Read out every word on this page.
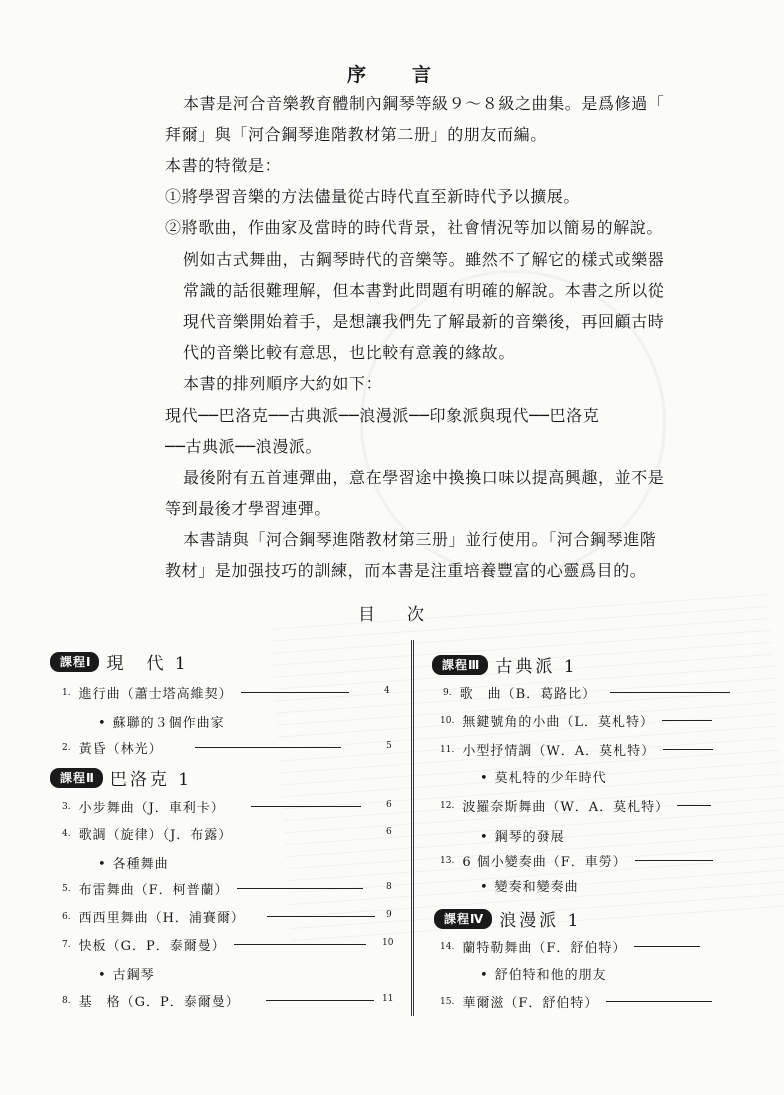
序言
本書是河合音樂教育體制內鋼琴等級９～８級之曲集。是爲修過「
拜爾」與「河合鋼琴進階教材第二册」的朋友而編。
本書的特徵是：
①將學習音樂的方法儘量從古時代直至新時代予以擴展。
②將歌曲，作曲家及當時的時代背景，社會情況等加以簡易的解說。
例如古式舞曲，古鋼琴時代的音樂等。雖然不了解它的樣式或樂器
常識的話很難理解，但本書對此問題有明確的解說。本書之所以從
現代音樂開始着手，是想讓我們先了解最新的音樂後，再回顧古時
代的音樂比較有意思，也比較有意義的緣故。
本書的排列順序大約如下：
現代──巴洛克──古典派──浪漫派──印象派與現代──巴洛克
──古典派──浪漫派。
最後附有五首連彈曲，意在學習途中換換口味以提高興趣，並不是
等到最後才學習連彈。
本書請與「河合鋼琴進階教材第三册」並行使用。「河合鋼琴進階
教材」是加强技巧的訓練，而本書是注重培養豐富的心靈爲目的。
目次
課程Ⅰ 現　代 1
1. 進行曲（蕭士塔高維契）	4
• 蘇聯的３個作曲家
2. 黃昏（林光）	5
課程Ⅱ 巴洛克 1
3. 小步舞曲（J．車利卡）	6
4. 歌調（旋律）（J．布露）	6
• 各種舞曲
5. 布雷舞曲（F．柯普蘭）	8
6. 西西里舞曲（H．浦賽爾）	9
7. 快板（G．P．泰爾曼）	10
• 古鋼琴
8. 基　格（G．P．泰爾曼）	11
課程Ⅲ 古典派 1
9. 歌　曲（B．葛路比）
10. 無鍵號角的小曲（L．莫札特）
11. 小型抒情調（W．A．莫札特）
• 莫札特的少年時代
12. 波羅奈斯舞曲（W．A．莫札特）
• 鋼琴的發展
13. 6 個小變奏曲（F．車勞）
• 變奏和變奏曲
課程Ⅳ 浪漫派 1
14. 蘭特勒舞曲（F．舒伯特）
• 舒伯特和他的朋友
15. 華爾滋（F．舒伯特）
